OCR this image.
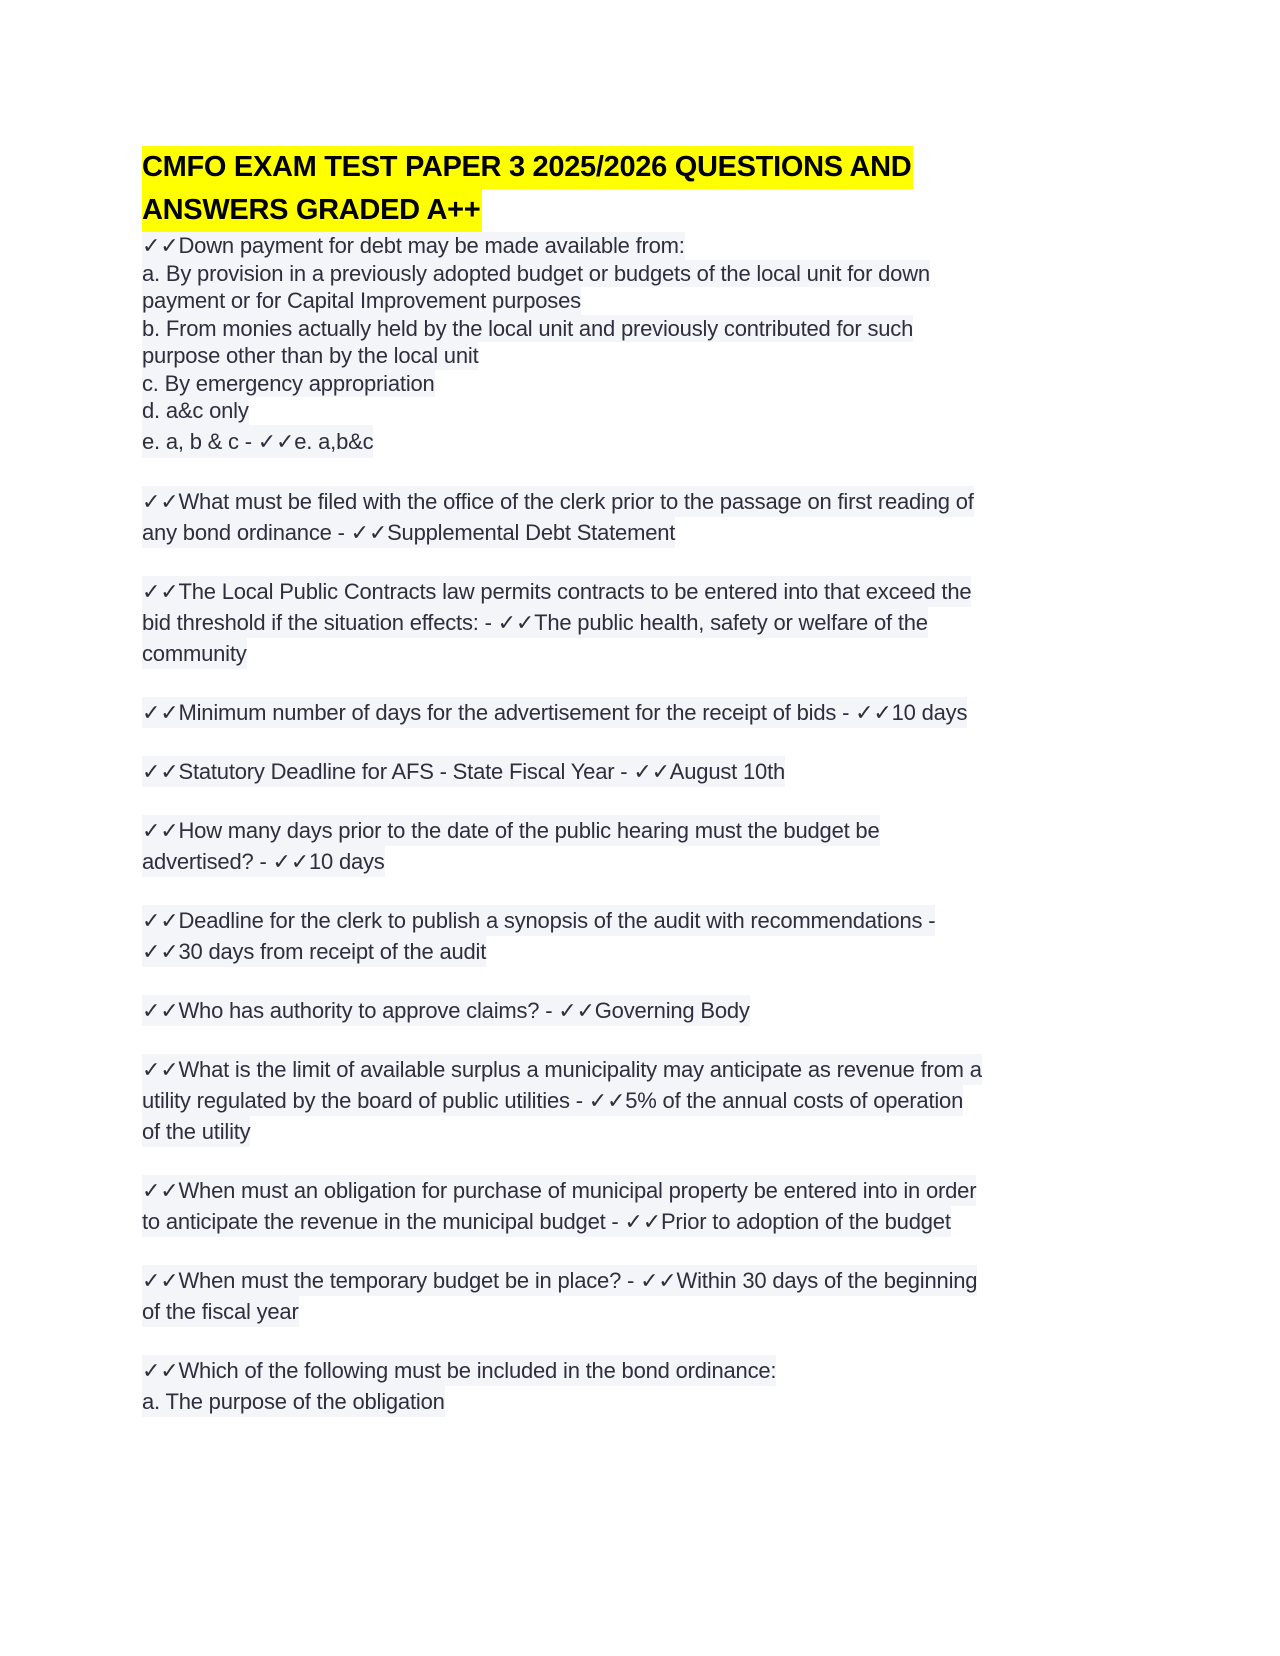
CMFO EXAM TEST PAPER 3 2025/2026 QUESTIONS AND
ANSWERS GRADED A++
✓✓Down payment for debt may be made available from:
a. By provision in a previously adopted budget or budgets of the local unit for down
payment or for Capital Improvement purposes
b. From monies actually held by the local unit and previously contributed for such
purpose other than by the local unit
c. By emergency appropriation
d. a&c only
e. a, b & c - ✓✓e. a,b&c
✓✓What must be filed with the office of the clerk prior to the passage on first reading of
any bond ordinance - ✓✓Supplemental Debt Statement
✓✓The Local Public Contracts law permits contracts to be entered into that exceed the
bid threshold if the situation effects: - ✓✓The public health, safety or welfare of the
community
✓✓Minimum number of days for the advertisement for the receipt of bids - ✓✓10 days
✓✓Statutory Deadline for AFS - State Fiscal Year - ✓✓August 10th
✓✓How many days prior to the date of the public hearing must the budget be
advertised? - ✓✓10 days
✓✓Deadline for the clerk to publish a synopsis of the audit with recommendations -
✓✓30 days from receipt of the audit
✓✓Who has authority to approve claims? - ✓✓Governing Body
✓✓What is the limit of available surplus a municipality may anticipate as revenue from a
utility regulated by the board of public utilities - ✓✓5% of the annual costs of operation
of the utility
✓✓When must an obligation for purchase of municipal property be entered into in order
to anticipate the revenue in the municipal budget - ✓✓Prior to adoption of the budget
✓✓When must the temporary budget be in place? - ✓✓Within 30 days of the beginning
of the fiscal year
✓✓Which of the following must be included in the bond ordinance:
a. The purpose of the obligation
